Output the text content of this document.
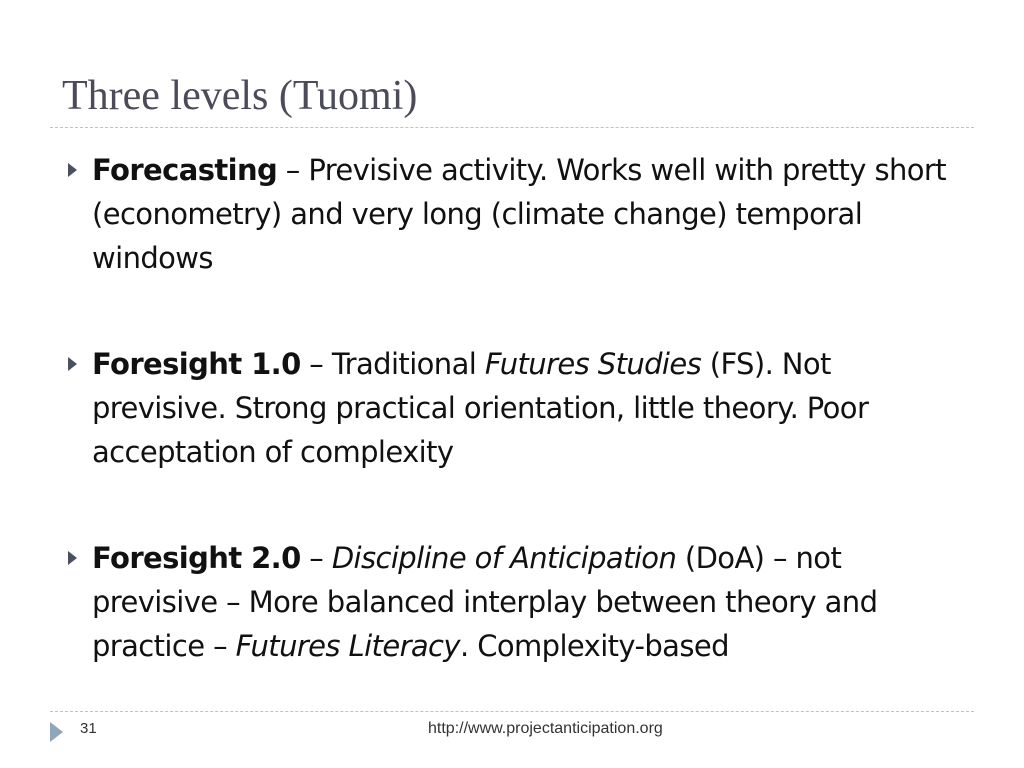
Three levels (Tuomi)
Forecasting – Previsive activity. Works well with pretty short (econometry) and very long (climate change) temporal windows
Foresight 1.0 – Traditional Futures Studies (FS). Not previsive. Strong practical orientation, little theory. Poor acceptation of complexity
Foresight 2.0 – Discipline of Anticipation (DoA) – not previsive – More balanced interplay between theory and practice – Futures Literacy. Complexity-based
31	http://www.projectanticipation.org
